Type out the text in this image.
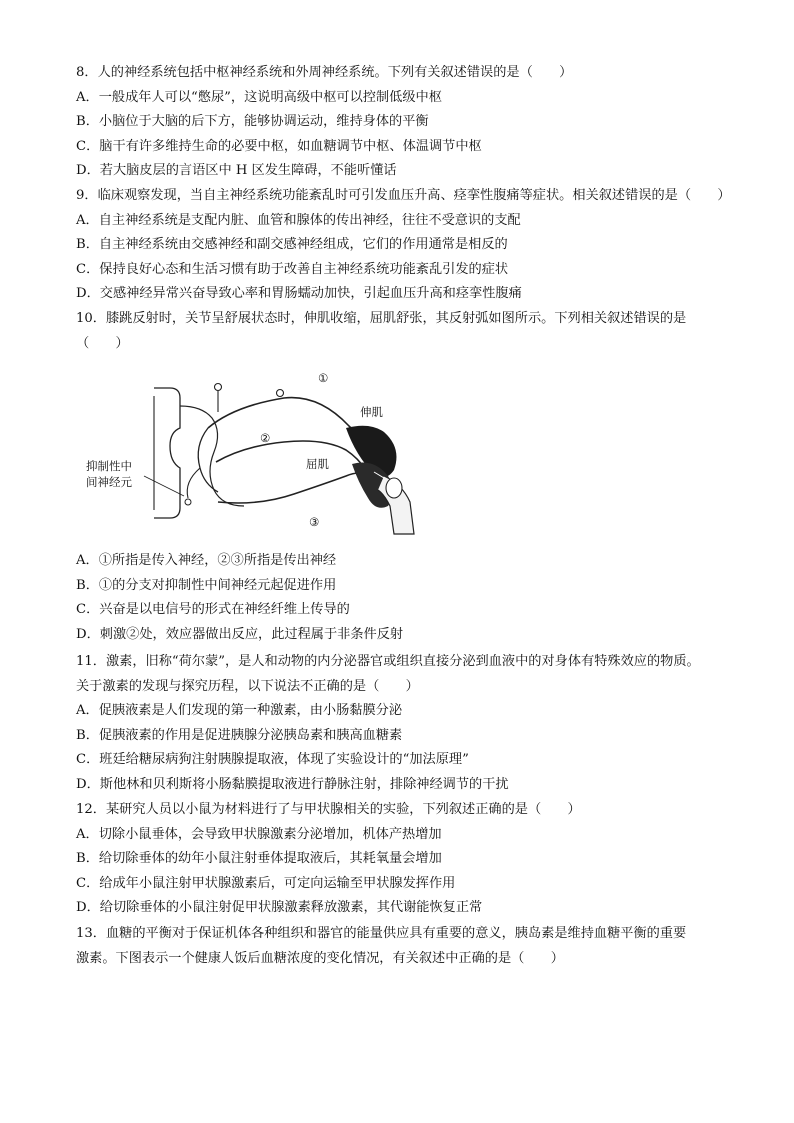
8．人的神经系统包括中枢神经系统和外周神经系统。下列有关叙述错误的是（　　）
A．一般成年人可以“憋尿”，这说明高级中枢可以控制低级中枢
B．小脑位于大脑的后下方，能够协调运动，维持身体的平衡
C．脑干有许多维持生命的必要中枢，如血糖调节中枢、体温调节中枢
D．若大脑皮层的言语区中 H 区发生障碍，不能听懂话
9．临床观察发现，当自主神经系统功能紊乱时可引发血压升高、痉挛性腹痛等症状。相关叙述错误的是（　　）
A．自主神经系统是支配内脏、血管和腺体的传出神经，往往不受意识的支配
B．自主神经系统由交感神经和副交感神经组成，它们的作用通常是相反的
C．保持良好心态和生活习惯有助于改善自主神经系统功能紊乱引发的症状
D．交感神经异常兴奋导致心率和胃肠蠕动加快，引起血压升高和痉挛性腹痛
10．膝跳反射时，关节呈舒展状态时，伸肌收缩，屈肌舒张，其反射弧如图所示。下列相关叙述错误的是
（　　）
抑制性中
间神经元
伸肌
屈肌
①
②
③
A．①所指是传入神经，②③所指是传出神经
B．①的分支对抑制性中间神经元起促进作用
C．兴奋是以电信号的形式在神经纤维上传导的
D．刺激②处，效应器做出反应，此过程属于非条件反射
11．激素，旧称“荷尔蒙”，是人和动物的内分泌器官或组织直接分泌到血液中的对身体有特殊效应的物质。
关于激素的发现与探究历程，以下说法不正确的是（　　）
A．促胰液素是人们发现的第一种激素，由小肠黏膜分泌
B．促胰液素的作用是促进胰腺分泌胰岛素和胰高血糖素
C．班廷给糖尿病狗注射胰腺提取液，体现了实验设计的“加法原理”
D．斯他林和贝利斯将小肠黏膜提取液进行静脉注射，排除神经调节的干扰
12．某研究人员以小鼠为材料进行了与甲状腺相关的实验，下列叙述正确的是（　　）
A．切除小鼠垂体，会导致甲状腺激素分泌增加，机体产热增加
B．给切除垂体的幼年小鼠注射垂体提取液后，其耗氧量会增加
C．给成年小鼠注射甲状腺激素后，可定向运输至甲状腺发挥作用
D．给切除垂体的小鼠注射促甲状腺激素释放激素，其代谢能恢复正常
13．血糖的平衡对于保证机体各种组织和器官的能量供应具有重要的意义，胰岛素是维持血糖平衡的重要
激素。下图表示一个健康人饭后血糖浓度的变化情况，有关叙述中正确的是（　　）
